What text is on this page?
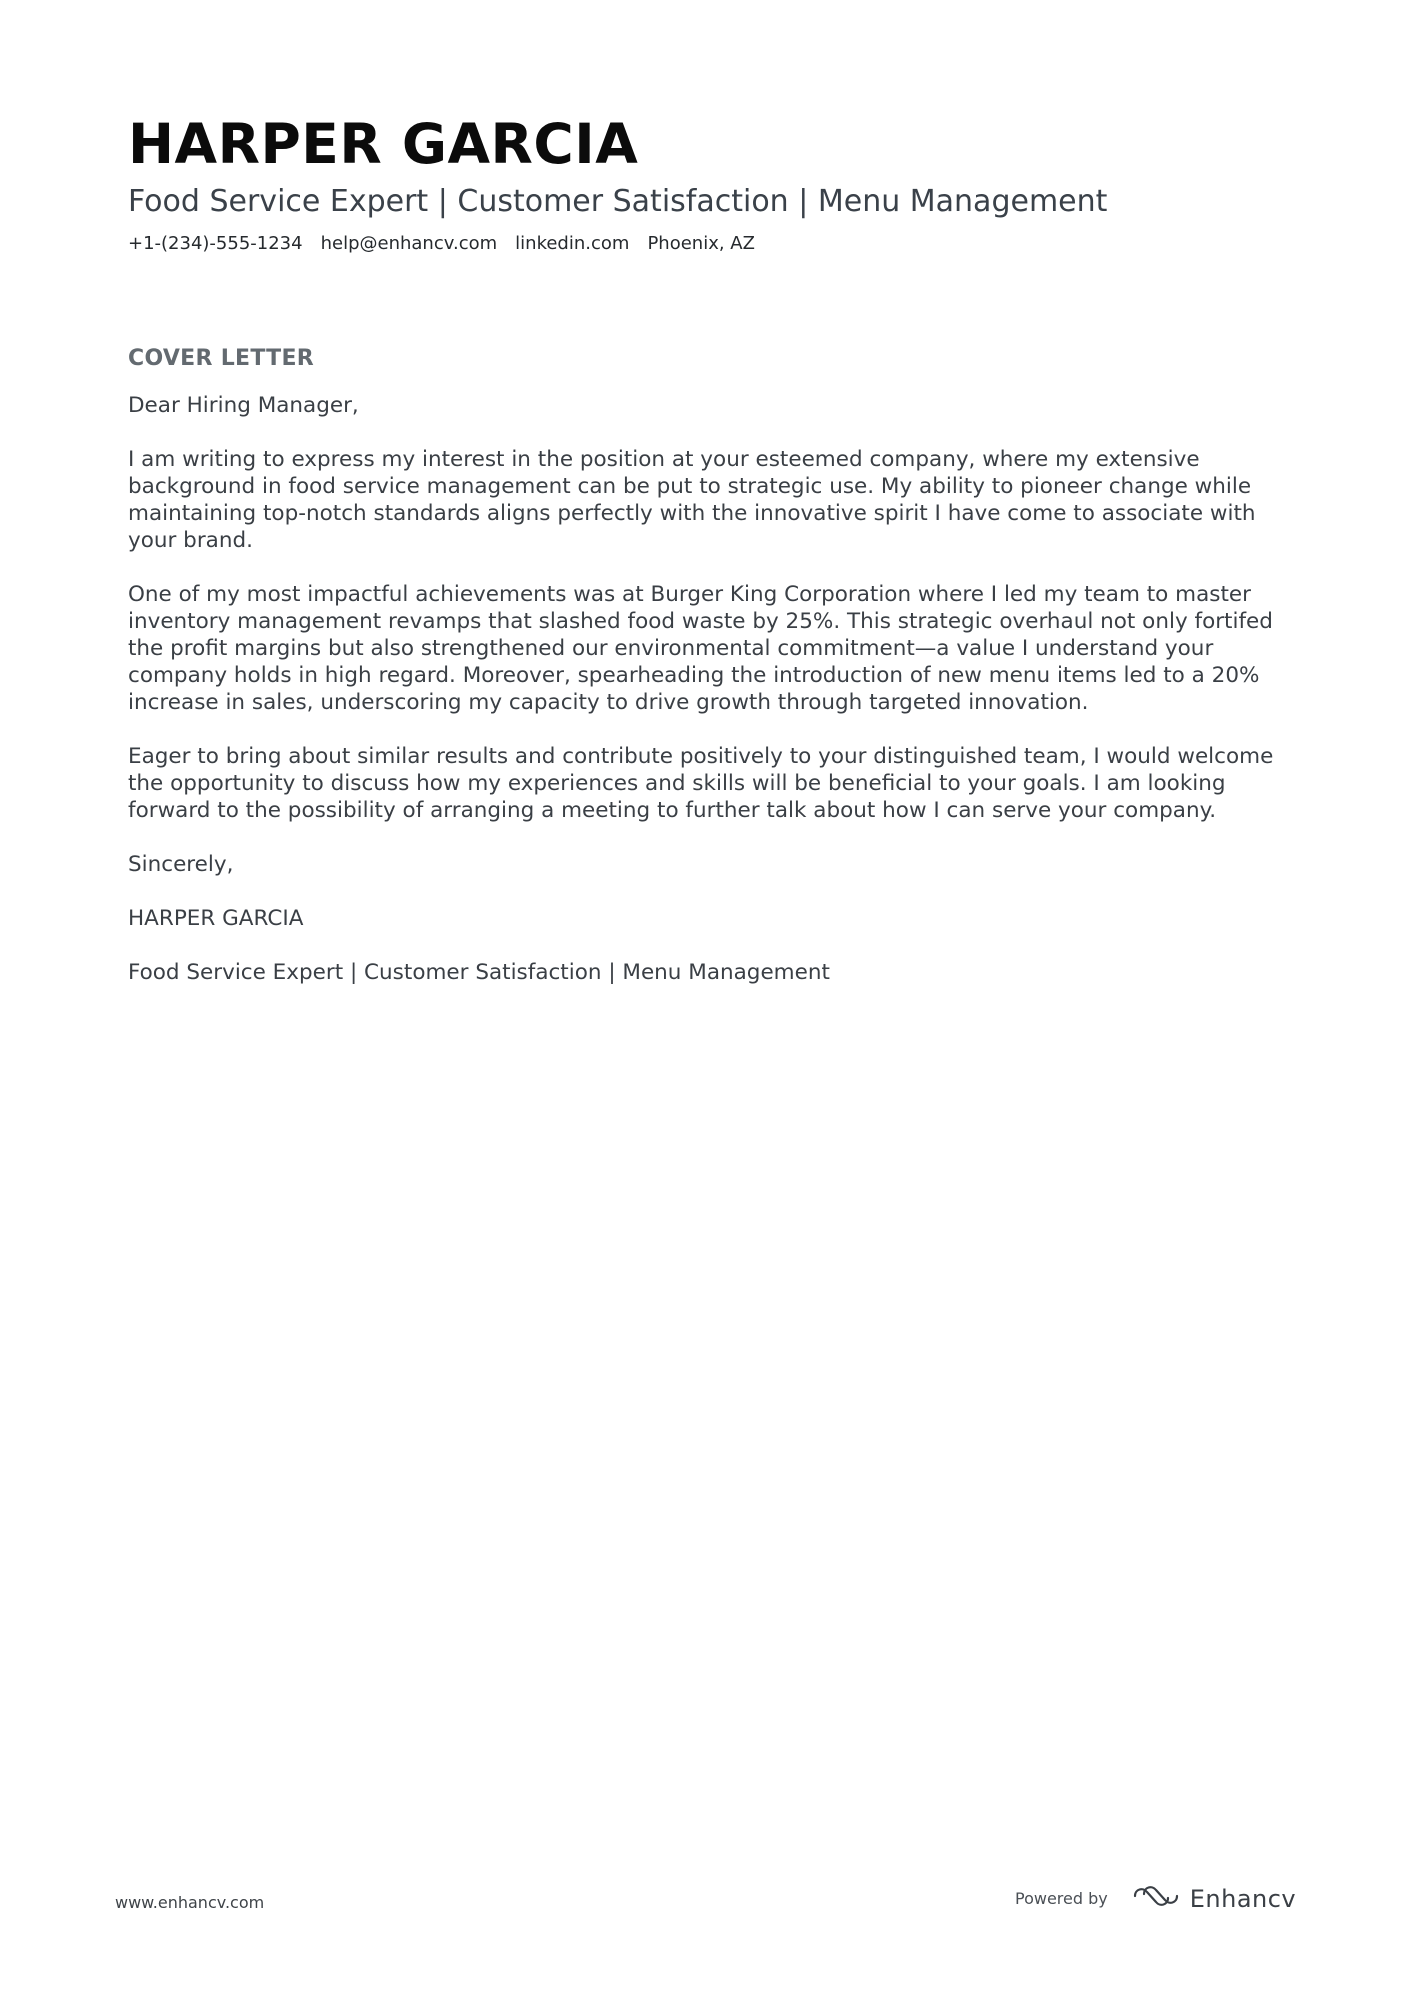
HARPER GARCIA
Food Service Expert | Customer Satisfaction | Menu Management
+1-(234)-555-1234 help@enhancv.com linkedin.com Phoenix, AZ
COVER LETTER

Dear Hiring Manager,

I am writing to express my interest in the position at your esteemed company, where my extensive background in food service management can be put to strategic use. My ability to pioneer change while maintaining top-notch standards aligns perfectly with the innovative spirit I have come to associate with your brand.

One of my most impactful achievements was at Burger King Corporation where I led my team to master inventory management revamps that slashed food waste by 25%. This strategic overhaul not only fortifed the profit margins but also strengthened our environmental commitment—a value I understand your company holds in high regard. Moreover, spearheading the introduction of new menu items led to a 20% increase in sales, underscoring my capacity to drive growth through targeted innovation.

Eager to bring about similar results and contribute positively to your distinguished team, I would welcome the opportunity to discuss how my experiences and skills will be beneficial to your goals. I am looking forward to the possibility of arranging a meeting to further talk about how I can serve your company.

Sincerely,

HARPER GARCIA

Food Service Expert | Customer Satisfaction | Menu Management

www.enhancv.com	Powered by	Enhancv
